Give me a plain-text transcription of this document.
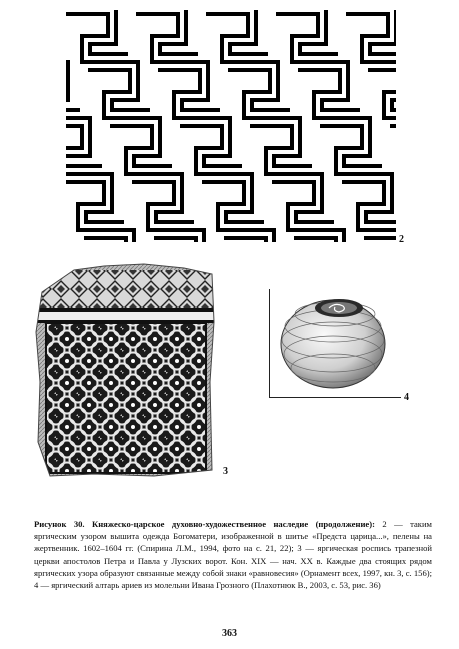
2
3
4
Рисунок 30. Княжеско-царское духовно-художественное наследие (продолжение): 2 — таким яргическим узором вышита одежда Богоматери, изображенной в шитье «Предста царица...», пелены на жертвенник. 1602–1604 гг. (Спирина Л.М., 1994, фото на с. 21, 22); 3 — яргическая роспись трапезной церкви апостолов Петра и Павла у Лузских ворот. Кон. XIX — нач. XX в. Каждые два стоящих рядом яргических узора образуют связанные между собой знаки «равновесия» (Орнамент всех, 1997, кн. 3, с. 156); 4 — яргический алтарь ариев из молельни Ивана Грозного (Плахотнюк В., 2003, с. 53, рис. 36)
363
